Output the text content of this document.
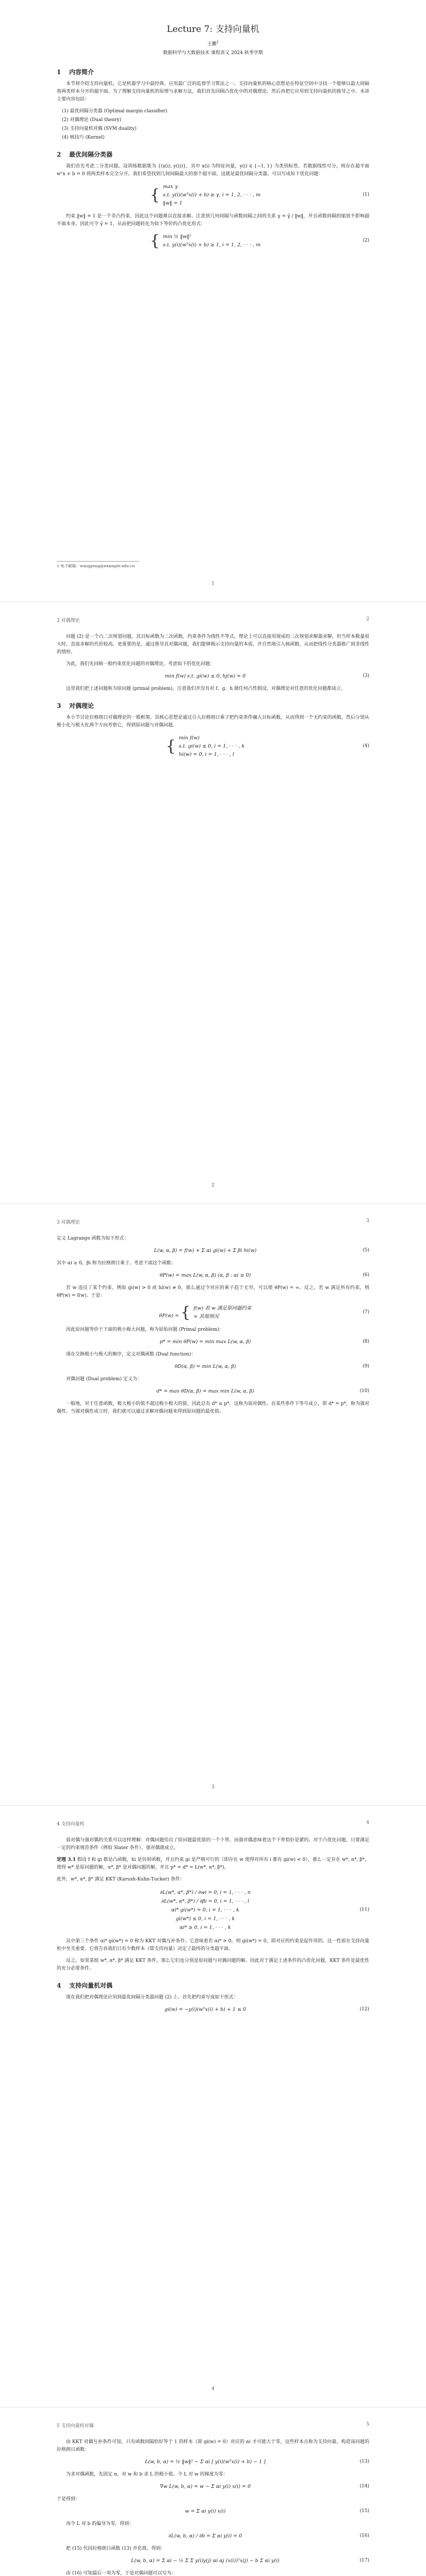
Lecture 7: 支持向量机
王鹏$^1$
数据科学与大数据技术 课程讲义 2024 秋季学期
1 内容简介

本节将介绍支持向量机，它是机器学习中最经典、应用最广泛的监督学习算法之一。支持向量机的核心思想是在特征空间中寻找一个能够以最大间隔将两类样本分开的超平面。为了理解支持向量机的原理与求解方法，我们首先回顾凸优化中的对偶理论，然后再把它应用到支持向量机的推导之中。本讲主要内容包括：

(1) 最优间隔分类器 (Optimal margin classifier)
(2) 对偶理论 (Dual theory)
(3) 支持向量机对偶 (SVM duality)
(4) 核技巧 (Kernel)
2 最优间隔分类器

我们首先考虑二分类问题。设训练数据集为 {(x(i), y(i))}，其中 x(i) 为特征向量，y(i) ∈ {−1, 1} 为类别标签。若数据线性可分，则存在超平面 wᵀx + b = 0 将两类样本完全分开。我们希望找到几何间隔最大的那个超平面，这就是最优间隔分类器，可以写成如下优化问题：

{ max γ
s.t. y(i)(wᵀx(i) + b) ≥ γ, i = 1, 2, · · · , m
‖w‖ = 1
(1)

约束 ‖w‖ = 1 是一个非凸约束，因此这个问题难以直接求解。注意到几何间隔与函数间隔之间的关系 γ = γ̂ / ‖w‖，并且函数间隔的缩放不影响超平面本身，因此可令 γ̂ = 1，从而把问题转化为如下等价的凸优化形式：

{ min ½ ‖w‖²
s.t. y(i)(wᵀx(i) + b) ≥ 1, i = 1, 2, · · · , m
(2)
1 电子邮箱：wangpeng@example.edu.cn
1
2 对偶理论	2

问题 (2) 是一个凸二次规划问题，其目标函数为二次函数，约束条件为线性不等式。理论上可以直接用现成的二次规划求解器求解，但当样本数量很大时，直接求解的代价较高。更重要的是，通过推导其对偶问题，我们能够揭示支持向量的本质，并自然地引入核函数，从而把线性分类器推广到非线性的情形。

为此，我们先回顾一般约束优化问题的对偶理论。考虑如下的优化问题：

min f(w) s.t. gi(w) ≤ 0, hj(w) = 0	(3)

这里我们把上述问题称为原问题 (primal problem)。注意我们并没有对 f、g、h 做任何凸性假设，对偶理论对任意的优化问题都成立。

3 对偶理论

本小节讨论拉格朗日对偶理论的一般框架。其核心思想是通过引入拉格朗日乘子把约束条件融入目标函数，从而得到一个无约束的函数，然后分别从极小化与极大化两个方向考察它，得到原问题与对偶问题。

{ min f(w)
s.t. gi(w) ≤ 0, i = 1, · · · , k
hi(w) = 0, i = 1, · · · , l
(4)
2
3 对偶理论	3

定义 Lagrange 函数为如下形式：

L(w, α, β) = f(w) + Σ αi gi(w) + Σ βi hi(w)	(5)

其中 αi ≥ 0，βi 称为拉格朗日乘子。考虑下面这个函数：

θP(w) = max L(w, α, β) (α, β : αi ≥ 0)	(6)

若 w 违反了某个约束，例如 gi(w) > 0 或 hi(w) ≠ 0，那么通过令对应的乘子趋于无穷，可以使 θP(w) = ∞。反之，若 w 满足所有约束，则 θP(w) = f(w)。于是：

θP(w) = { f(w) 若 w 满足原问题约束
∞ 其他情况
(7)

因此原问题等价于下面的极小极大问题，称为原始问题 (Primal problem)：

p* = min θP(w) = min max L(w, α, β)	(8)

现在交换极小与极大的顺序，定义对偶函数 (Dual function)：

θD(α, β) = min L(w, α, β)	(9)

对偶问题 (Dual problem) 定义为：

d* = max θD(α, β) = max min L(w, α, β)	(10)

一般地，对于任意函数，极大极小的值不超过极小极大的值，因此总有 d* ≤ p*，这称为弱对偶性。在某些条件下等号成立，即 d* = p*，称为强对偶性。当强对偶性成立时，我们就可以通过求解对偶问题来得到原问题的最优值。

3
4 支持向量机	4

弱对偶与强对偶的关系可以这样理解：对偶问题给出了原问题最优值的一个下界，而强对偶意味着这个下界恰好是紧的。对于凸优化问题，只要满足一定的约束规范条件（例如 Slater 条件），强对偶就成立。

定理 3.1 假设 f 和 gi 都是凸函数，hi 是仿射函数，并且约束 gi 是严格可行的（即存在 w 使得对所有 i 都有 gi(w) < 0），那么一定存在 w*, α*, β*，使得 w* 是原问题的解，α*, β* 是对偶问题的解，并且 p* = d* = L(w*, α*, β*)。

此外，w*, α*, β* 满足 KKT (Karush-Kuhn-Tucker) 条件：

∂L(w*, α*, β*) / ∂wi = 0, i = 1, · · · , n
∂L(w*, α*, β*) / ∂βi = 0, i = 1, · · · , l
αi* gi(w*) = 0, i = 1, · · · , k
gi(w*) ≤ 0, i = 1, · · · , k
αi* ≥ 0, i = 1, · · · , k
(11)

其中第三个条件 αi* gi(w*) = 0 称为 KKT 对偶互补条件。它意味着若 αi* > 0，则 gi(w*) = 0，即对应的约束是起作用的。这一性质在支持向量机中至关重要，它将告诉我们只有少数样本（即支持向量）决定了最终的分类超平面。

反之，如果某组 w*, α*, β* 满足 KKT 条件，那么它们也分别是原问题与对偶问题的解。因此对于满足上述条件的凸优化问题，KKT 条件是最优性的充分必要条件。

4 支持向量机对偶

现在我们把对偶理论应用到最优间隔分类器问题 (2) 上。首先把约束写成如下形式：

gi(w) = −y(i)(wᵀx(i) + b) + 1 ≤ 0	(12)
4
5 支持向量机对偶	5

由 KKT 对偶互补条件可知，只有函数间隔恰好等于 1 的样本（即 gi(w) = 0）对应的 αi 才可能大于零，这些样本点称为支持向量。构造该问题的拉格朗日函数：

L(w, b, α) = ½ ‖w‖² − Σ αi [ y(i)(wᵀx(i) + b) − 1 ]	(13)

为求对偶函数，先固定 α，对 w 和 b 求 L 的极小值。令 L 对 w 的梯度为零：

∇w L(w, b, α) = w − Σ αi y(i) x(i) = 0	(14)

于是得到：

w = Σ αi y(i) x(i)	(15)

再令 L 对 b 的偏导为零，得到：

∂L(w, b, α) / ∂b = Σ αi y(i) = 0	(16)

把 (15) 代回拉格朗日函数 (13) 并化简，得到：

L(w, b, α) = Σ αi − ½ Σ Σ y(i)y(j) αi αj (x(i))ᵀx(j) − b Σ αi y(i)	(17)

由 (16) 可知最后一项为零，于是对偶问题可以写为：
